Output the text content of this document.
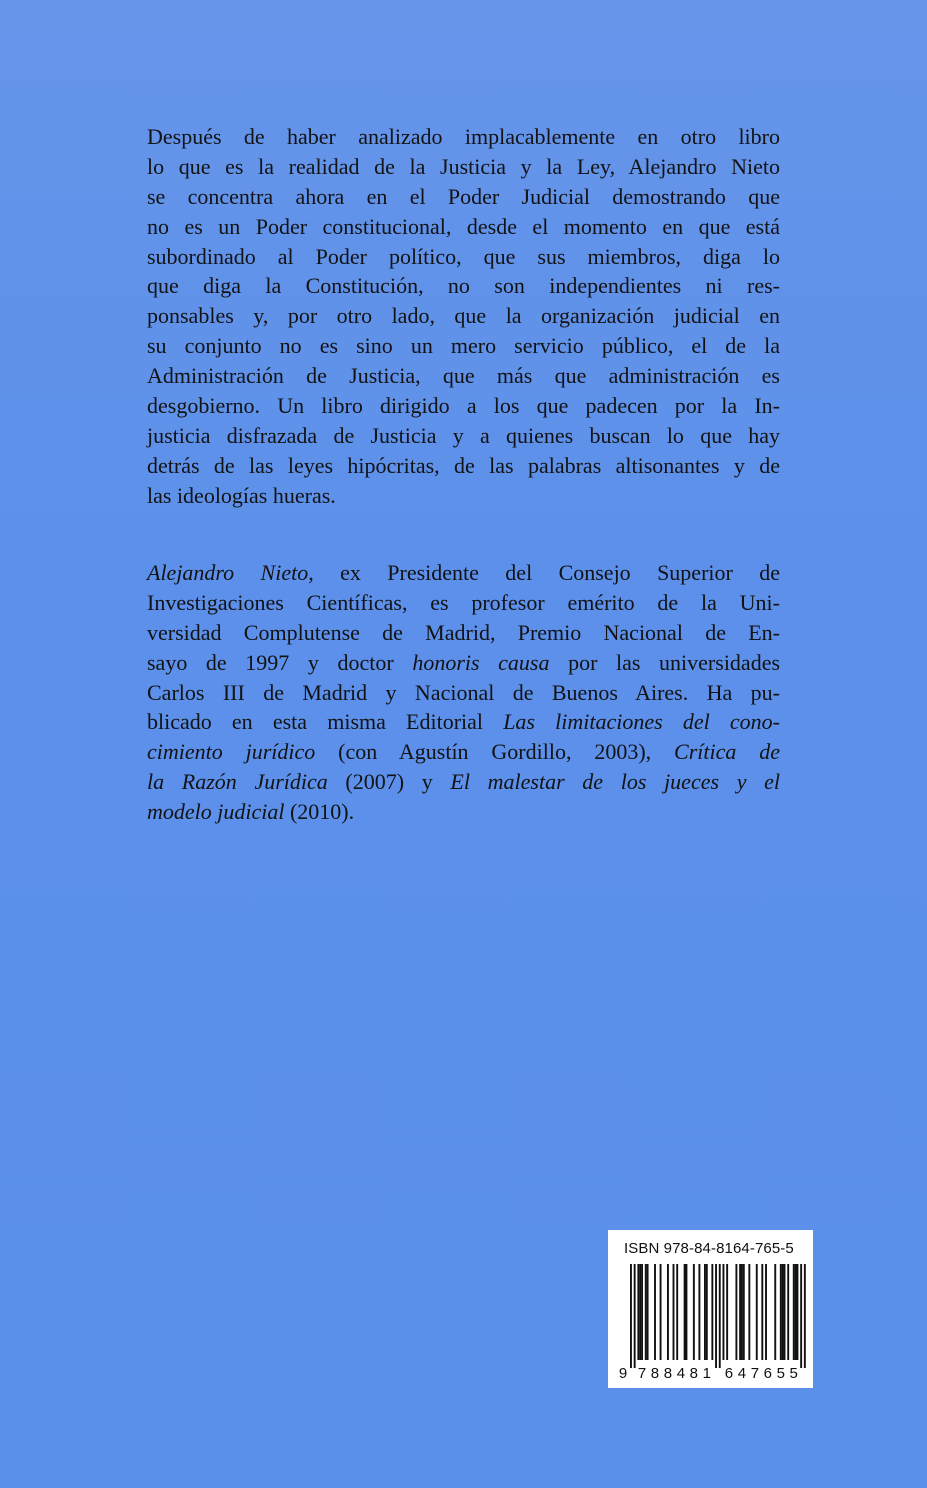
Después de haber analizado implacablemente en otro libro
lo que es la realidad de la Justicia y la Ley, Alejandro Nieto
se concentra ahora en el Poder Judicial demostrando que
no es un Poder constitucional, desde el momento en que está
subordinado al Poder político, que sus miembros, diga lo
que diga la Constitución, no son independientes ni res-
ponsables y, por otro lado, que la organización judicial en
su conjunto no es sino un mero servicio público, el de la
Administración de Justicia, que más que administración es
desgobierno. Un libro dirigido a los que padecen por la In-
justicia disfrazada de Justicia y a quienes buscan lo que hay
detrás de las leyes hipócritas, de las palabras altisonantes y de
las ideologías hueras.
Alejandro Nieto, ex Presidente del Consejo Superior de
Investigaciones Científicas, es profesor emérito de la Uni-
versidad Complutense de Madrid, Premio Nacional de En-
sayo de 1997 y doctor honoris causa por las universidades
Carlos III de Madrid y Nacional de Buenos Aires. Ha pu-
blicado en esta misma Editorial Las limitaciones del cono-
cimiento jurídico (con Agustín Gordillo, 2003), Crítica de
la Razón Jurídica (2007) y El malestar de los jueces y el
modelo judicial (2010).
ISBN 978-84-8164-765-5
9 7 8 8 4 8 1 6 4 7 6 5 5
